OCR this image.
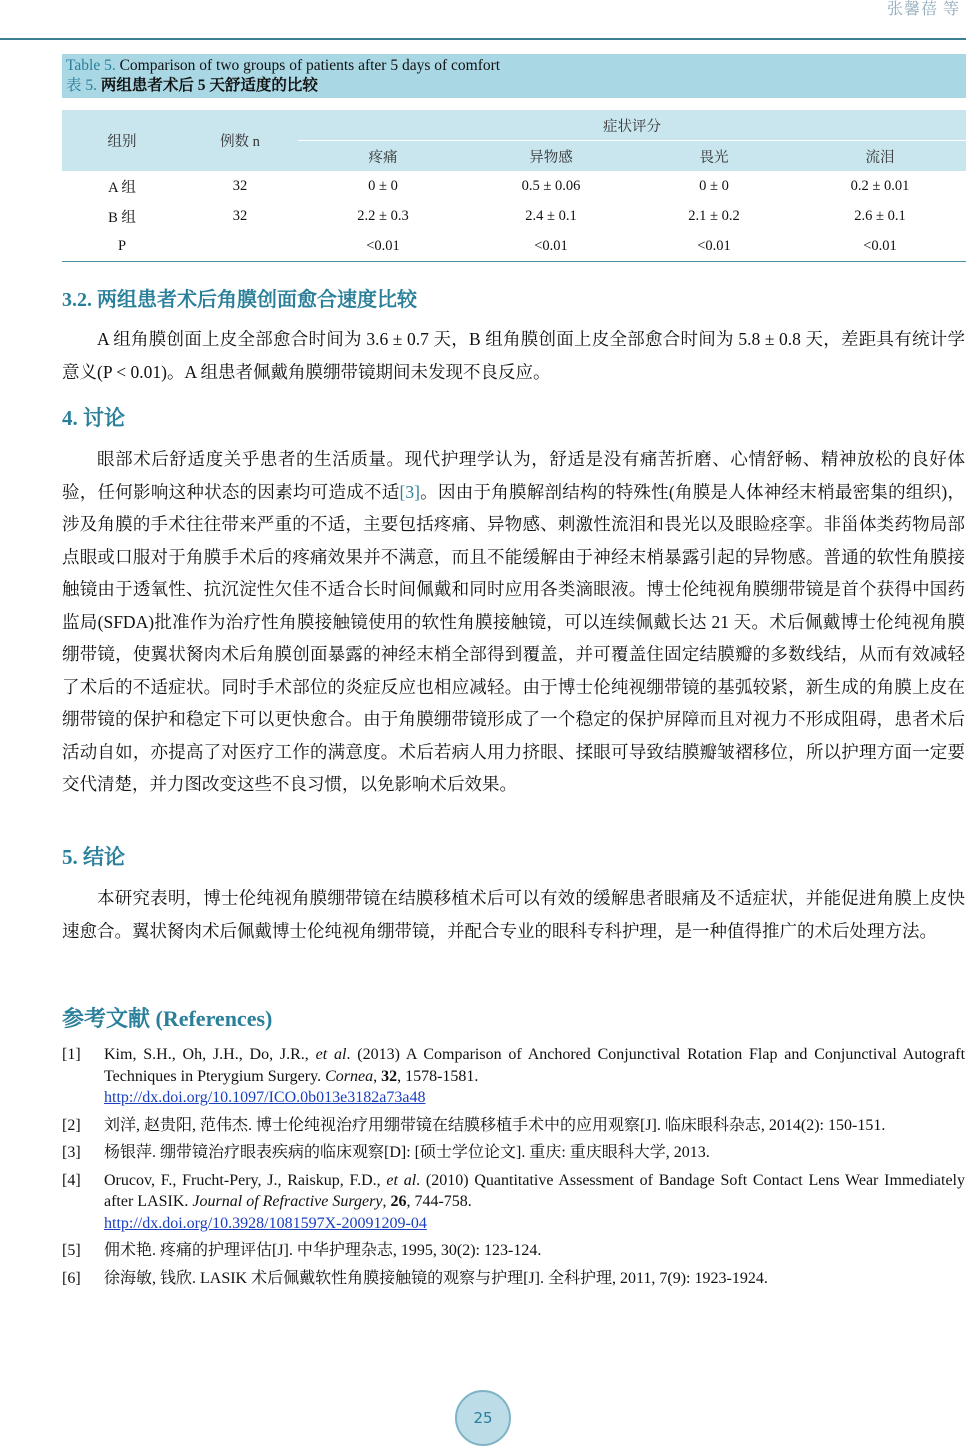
张馨蓓 等
Table 5. Comparison of two groups of patients after 5 days of comfort
表 5. 两组患者术后 5 天舒适度的比较
组别	例数 n	症状评分			
		疼痛	异物感	畏光	流泪
A 组	32	0 ± 0	0.5 ± 0.06	0 ± 0	0.2 ± 0.01
B 组	32	2.2 ± 0.3	2.4 ± 0.1	2.1 ± 0.2	2.6 ± 0.1
P		<0.01	<0.01	<0.01	<0.01
3.2. 两组患者术后角膜创面愈合速度比较
A 组角膜创面上皮全部愈合时间为 3.6 ± 0.7 天，B 组角膜创面上皮全部愈合时间为 5.8 ± 0.8 天，差距具有统计学意义(P < 0.01)。A 组患者佩戴角膜绷带镜期间未发现不良反应。
4. 讨论
眼部术后舒适度关乎患者的生活质量。现代护理学认为，舒适是没有痛苦折磨、心情舒畅、精神放松的良好体验，任何影响这种状态的因素均可造成不适[3]。因由于角膜解剖结构的特殊性(角膜是人体神经末梢最密集的组织)，涉及角膜的手术往往带来严重的不适，主要包括疼痛、异物感、刺激性流泪和畏光以及眼睑痉挛。非甾体类药物局部点眼或口服对于角膜手术后的疼痛效果并不满意，而且不能缓解由于神经末梢暴露引起的异物感。普通的软性角膜接触镜由于透氧性、抗沉淀性欠佳不适合长时间佩戴和同时应用各类滴眼液。博士伦纯视角膜绷带镜是首个获得中国药监局(SFDA)批准作为治疗性角膜接触镜使用的软性角膜接触镜，可以连续佩戴长达 21 天。术后佩戴博士伦纯视角膜绷带镜，使翼状胬肉术后角膜创面暴露的神经末梢全部得到覆盖，并可覆盖住固定结膜瓣的多数线结，从而有效减轻了术后的不适症状。同时手术部位的炎症反应也相应减轻。由于博士伦纯视绷带镜的基弧较紧，新生成的角膜上皮在绷带镜的保护和稳定下可以更快愈合。由于角膜绷带镜形成了一个稳定的保护屏障而且对视力不形成阻碍，患者术后活动自如，亦提高了对医疗工作的满意度。术后若病人用力挤眼、揉眼可导致结膜瓣皱褶移位，所以护理方面一定要交代清楚，并力图改变这些不良习惯，以免影响术后效果。
5. 结论
本研究表明，博士伦纯视角膜绷带镜在结膜移植术后可以有效的缓解患者眼痛及不适症状，并能促进角膜上皮快速愈合。翼状胬肉术后佩戴博士伦纯视角绷带镜，并配合专业的眼科专科护理，是一种值得推广的术后处理方法。
参考文献 (References)
[1]	Kim, S.H., Oh, J.H., Do, J.R., et al. (2013) A Comparison of Anchored Conjunctival Rotation Flap and Conjunctival Autograft Techniques in Pterygium Surgery. Cornea, 32, 1578-1581.
http://dx.doi.org/10.1097/ICO.0b013e3182a73a48
[2]	刘洋, 赵贵阳, 范伟杰. 博士伦纯视治疗用绷带镜在结膜移植手术中的应用观察[J]. 临床眼科杂志, 2014(2): 150-151.
[3]	杨银萍. 绷带镜治疗眼表疾病的临床观察[D]: [硕士学位论文]. 重庆: 重庆眼科大学, 2013.
[4]	Orucov, F., Frucht-Pery, J., Raiskup, F.D., et al. (2010) Quantitative Assessment of Bandage Soft Contact Lens Wear Immediately after LASIK. Journal of Refractive Surgery, 26, 744-758.
http://dx.doi.org/10.3928/1081597X-20091209-04
[5]	佣术艳. 疼痛的护理评估[J]. 中华护理杂志, 1995, 30(2): 123-124.
[6]	徐海敏, 钱欣. LASIK 术后佩戴软性角膜接触镜的观察与护理[J]. 全科护理, 2011, 7(9): 1923-1924.
25
